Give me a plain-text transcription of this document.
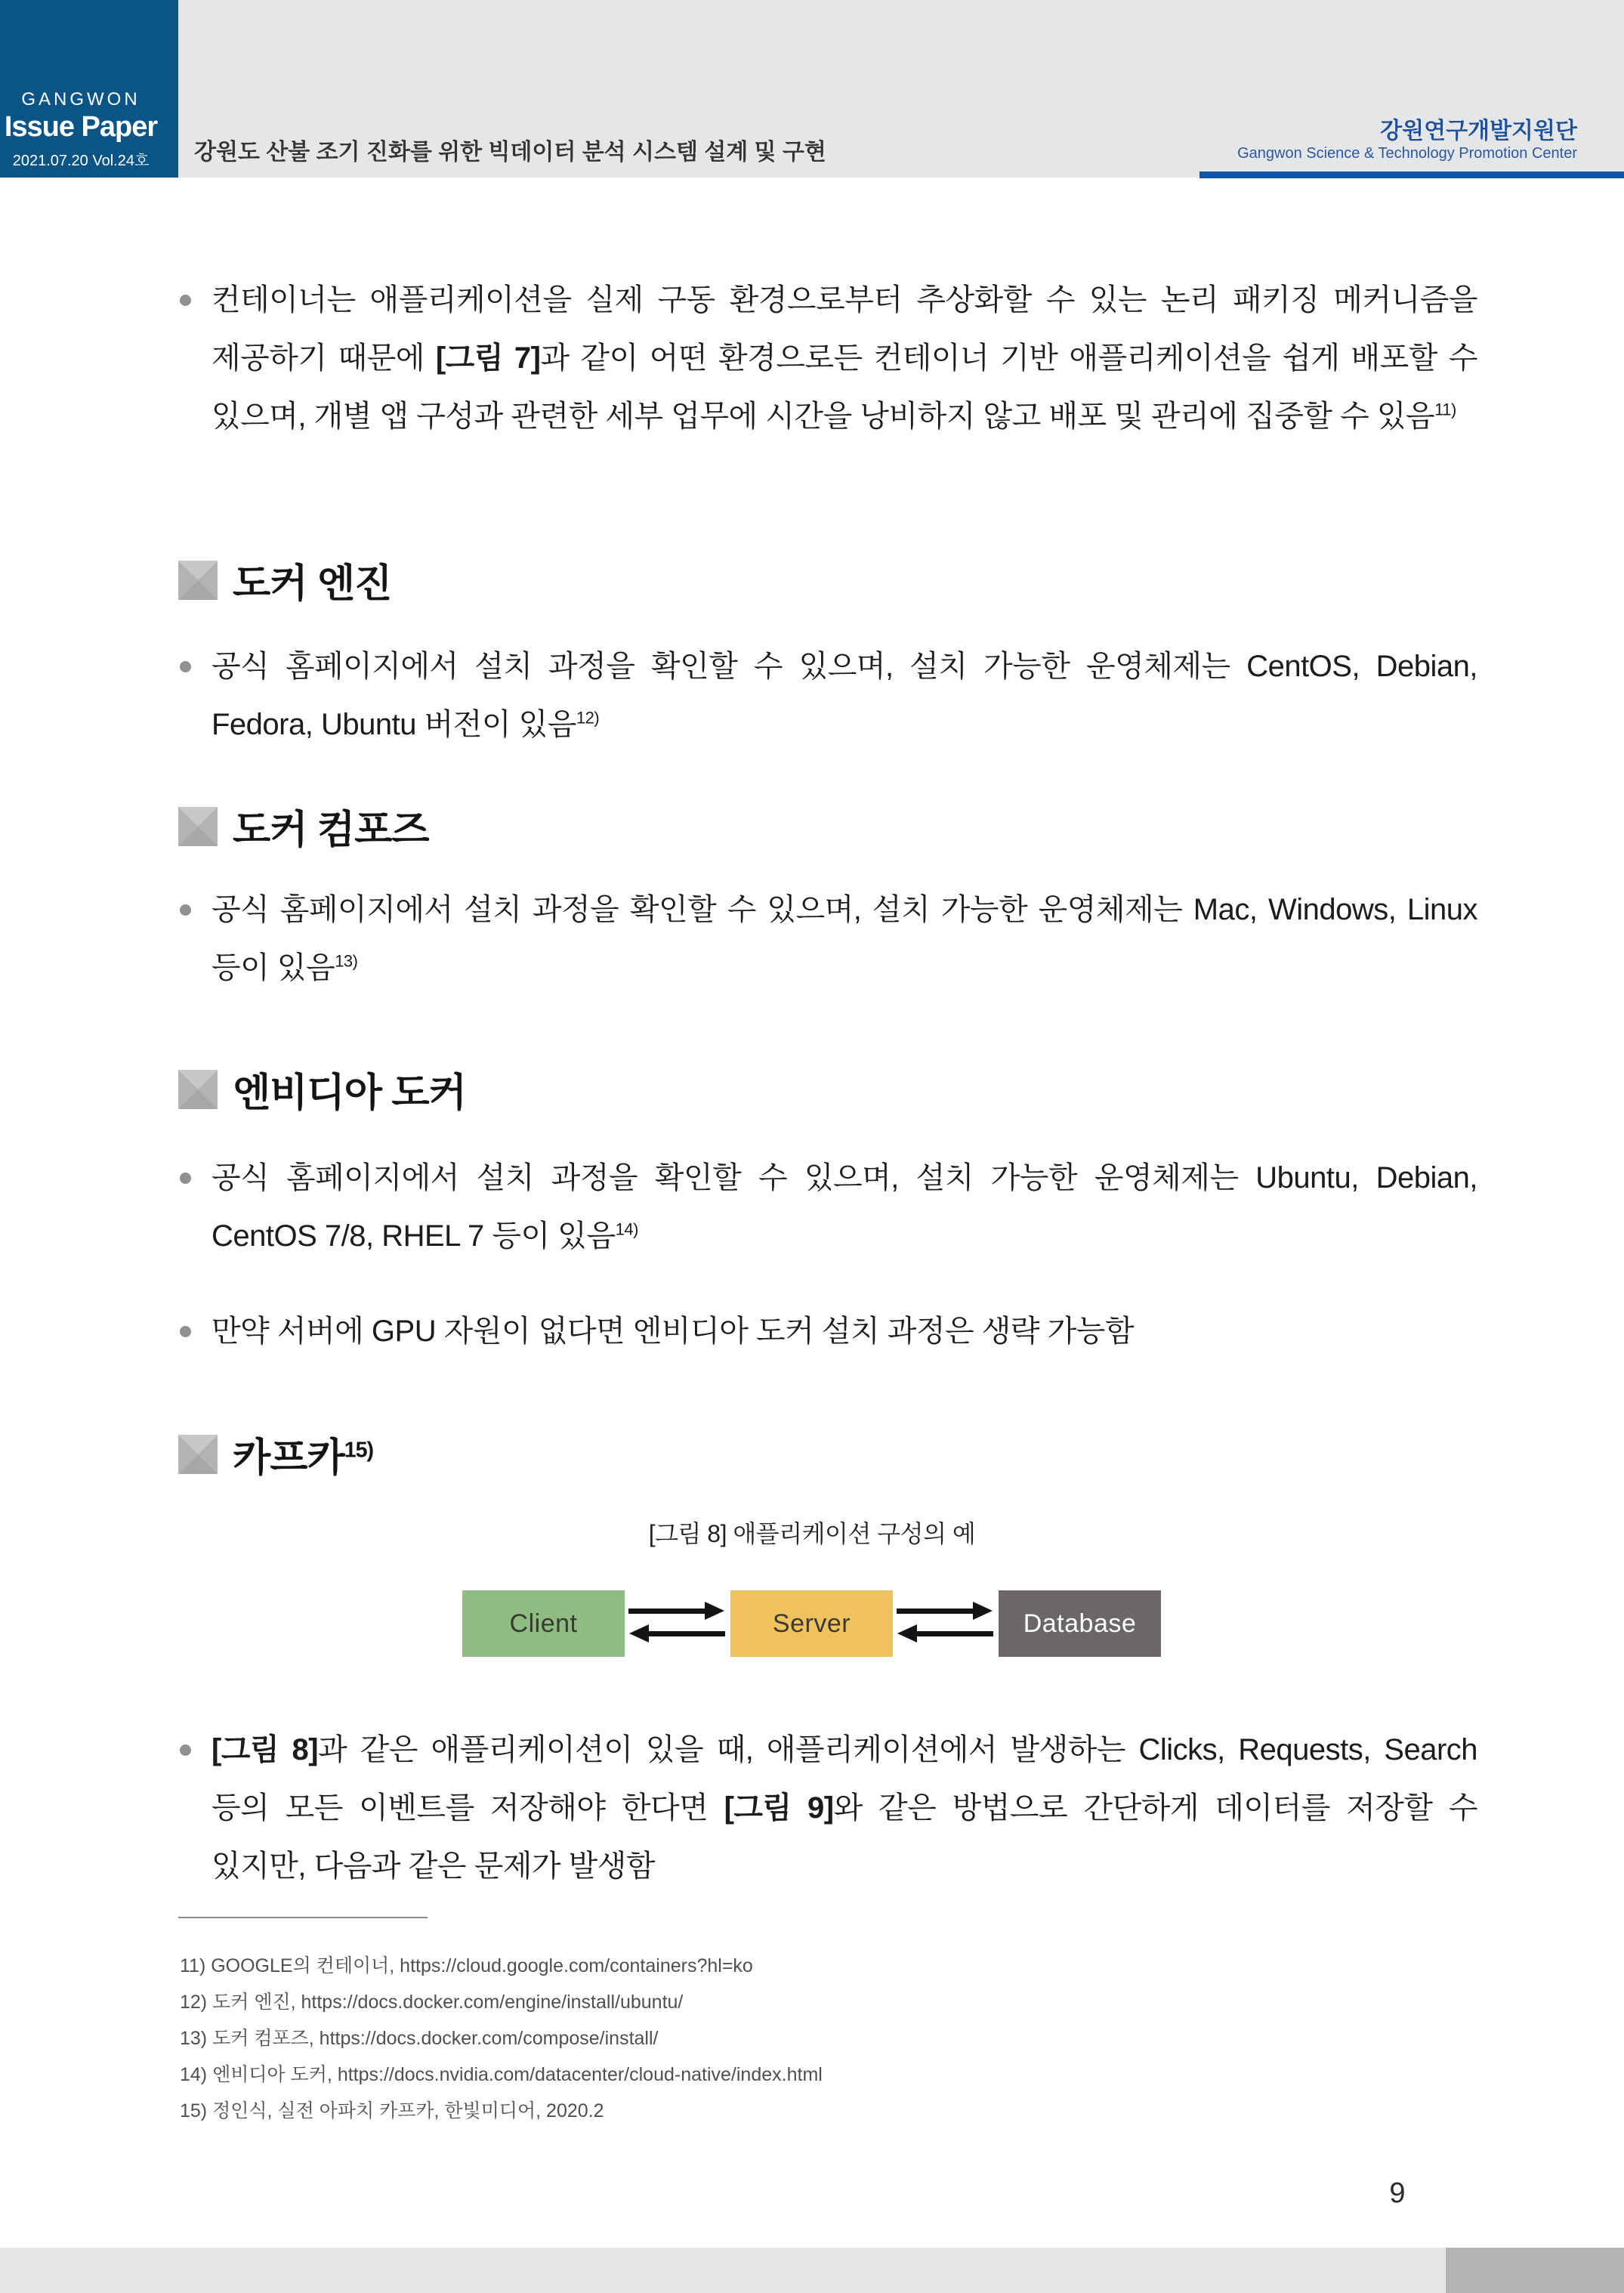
GANGWON
Issue Paper
2021.07.20 Vol.24호 강원도 산불 조기 진화를 위한 빅데이터 분석 시스템 설계 및 구현
강원연구개발지원단
Gangwon Science & Technology Promotion Center
컨테이너는 애플리케이션을 실제 구동 환경으로부터 추상화할 수 있는 논리 패키징 메커니즘을 제공하기 때문에 [그림 7]과 같이 어떤 환경으로든 컨테이너 기반 애플리케이션을 쉽게 배포할 수 있으며, 개별 앱 구성과 관련한 세부 업무에 시간을 낭비하지 않고 배포 및 관리에 집중할 수 있음$^{11)}$
도커 엔진
공식 홈페이지에서 설치 과정을 확인할 수 있으며, 설치 가능한 운영체제는 CentOS, Debian, Fedora, Ubuntu 버전이 있음$^{12)}$
도커 컴포즈
공식 홈페이지에서 설치 과정을 확인할 수 있으며, 설치 가능한 운영체제는 Mac, Windows, Linux 등이 있음$^{13)}$
엔비디아 도커
공식 홈페이지에서 설치 과정을 확인할 수 있으며, 설치 가능한 운영체제는 Ubuntu, Debian, CentOS 7/8, RHEL 7 등이 있음$^{14)}$
만약 서버에 GPU 자원이 없다면 엔비디아 도커 설치 과정은 생략 가능함
카프카$^{15)}$
[그림 8] 애플리케이션 구성의 예
Client	Server	Database
[그림 8]과 같은 애플리케이션이 있을 때, 애플리케이션에서 발생하는 Clicks, Requests, Search 등의 모든 이벤트를 저장해야 한다면 [그림 9]와 같은 방법으로 간단하게 데이터를 저장할 수 있지만, 다음과 같은 문제가 발생함
11) GOOGLE의 컨테이너, https://cloud.google.com/containers?hl=ko
12) 도커 엔진, https://docs.docker.com/engine/install/ubuntu/
13) 도커 컴포즈, https://docs.docker.com/compose/install/
14) 엔비디아 도커, https://docs.nvidia.com/datacenter/cloud-native/index.html
15) 정인식, 실전 아파치 카프카, 한빛미디어, 2020.2
9
